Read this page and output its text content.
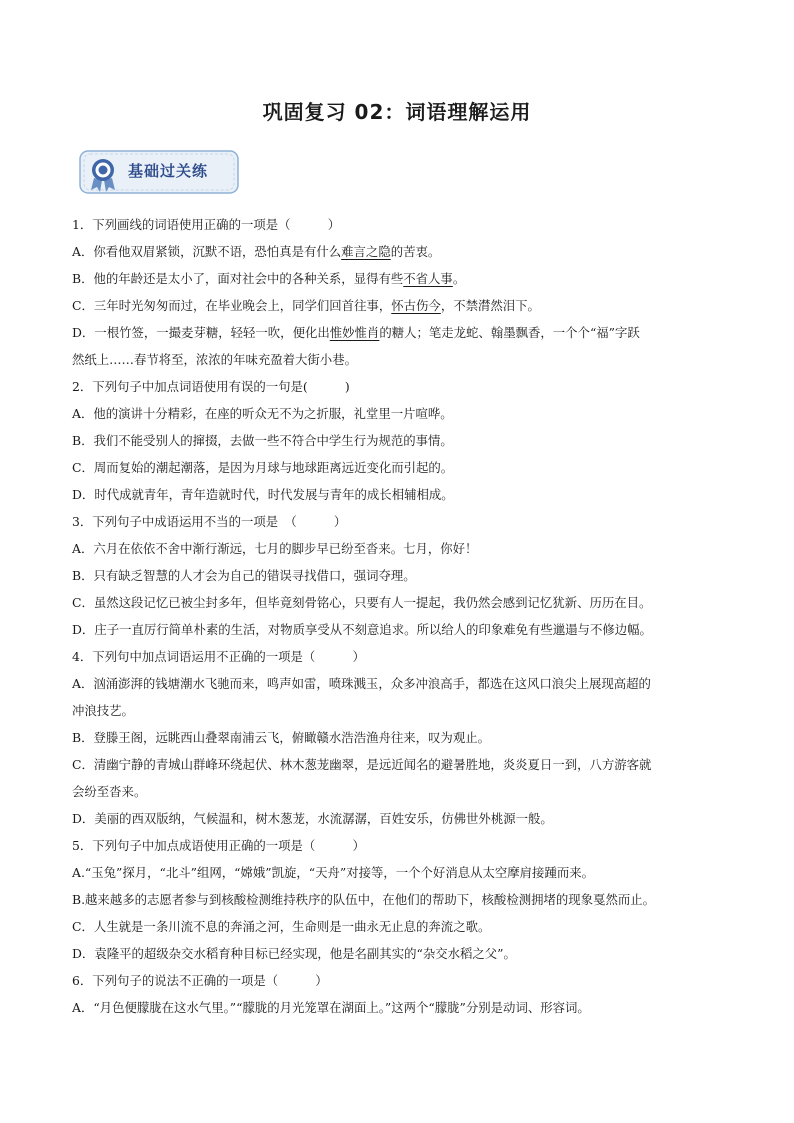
巩固复习 02：词语理解运用
基础过关练
1．下列画线的词语使用正确的一项是（　　　）
A．你看他双眉紧锁，沉默不语，恐怕真是有什么难言之隐的苦衷。
B．他的年龄还是太小了，面对社会中的各种关系，显得有些不省人事。
C．三年时光匆匆而过，在毕业晚会上，同学们回首往事，怀古伤今，不禁潸然泪下。
D．一根竹签，一撮麦芽糖，轻轻一吹，便化出惟妙惟肖的糖人；笔走龙蛇、翰墨飘香，一个个“福”字跃
然纸上……春节将至，浓浓的年味充盈着大街小巷。
2．下列句子中加点词语使用有误的一句是(　　　)
A．他的演讲十分精彩，在座的听众无不为之折服，礼堂里一片喧哗。
B．我们不能受别人的撺掇，去做一些不符合中学生行为规范的事情。
C．周而复始的潮起潮落，是因为月球与地球距离远近变化而引起的。
D．时代成就青年，青年造就时代，时代发展与青年的成长相辅相成。
3．下列句子中成语运用不当的一项是　（　　　）
A．六月在依依不舍中渐行渐远，七月的脚步早已纷至沓来。七月，你好！
B．只有缺乏智慧的人才会为自己的错误寻找借口，强词夺理。
C．虽然这段记忆已被尘封多年，但毕竟刻骨铭心，只要有人一提起，我仍然会感到记忆犹新、历历在目。
D．庄子一直厉行简单朴素的生活，对物质享受从不刻意追求。所以给人的印象难免有些邋遢与不修边幅。
4．下列句中加点词语运用不正确的一项是（　　　）
A．汹涌澎湃的钱塘潮水飞驰而来，鸣声如雷，喷珠溅玉，众多冲浪高手，都选在这风口浪尖上展现高超的
冲浪技艺。
B．登滕王阁，远眺西山叠翠南浦云飞，俯瞰赣水浩浩渔舟往来，叹为观止。
C．清幽宁静的青城山群峰环绕起伏、林木葱茏幽翠，是远近闻名的避暑胜地，炎炎夏日一到，八方游客就
会纷至沓来。
D．美丽的西双版纳，气候温和，树木葱茏，水流潺潺，百姓安乐，仿佛世外桃源一般。
5．下列句子中加点成语使用正确的一项是（　　　）
A.“玉兔”探月，“北斗”组网，“嫦娥”凯旋，“天舟”对接等，一个个好消息从太空摩肩接踵而来。
B.越来越多的志愿者参与到核酸检测维持秩序的队伍中，在他们的帮助下，核酸检测拥堵的现象戛然而止。
C．人生就是一条川流不息的奔涌之河，生命则是一曲永无止息的奔流之歌。
D．袁隆平的超级杂交水稻育种目标已经实现，他是名副其实的“杂交水稻之父”。
6．下列句子的说法不正确的一项是（　　　）
A．“月色便朦胧在这水气里。”“朦胧的月光笼罩在湖面上。”这两个“朦胧”分别是动词、形容词。
